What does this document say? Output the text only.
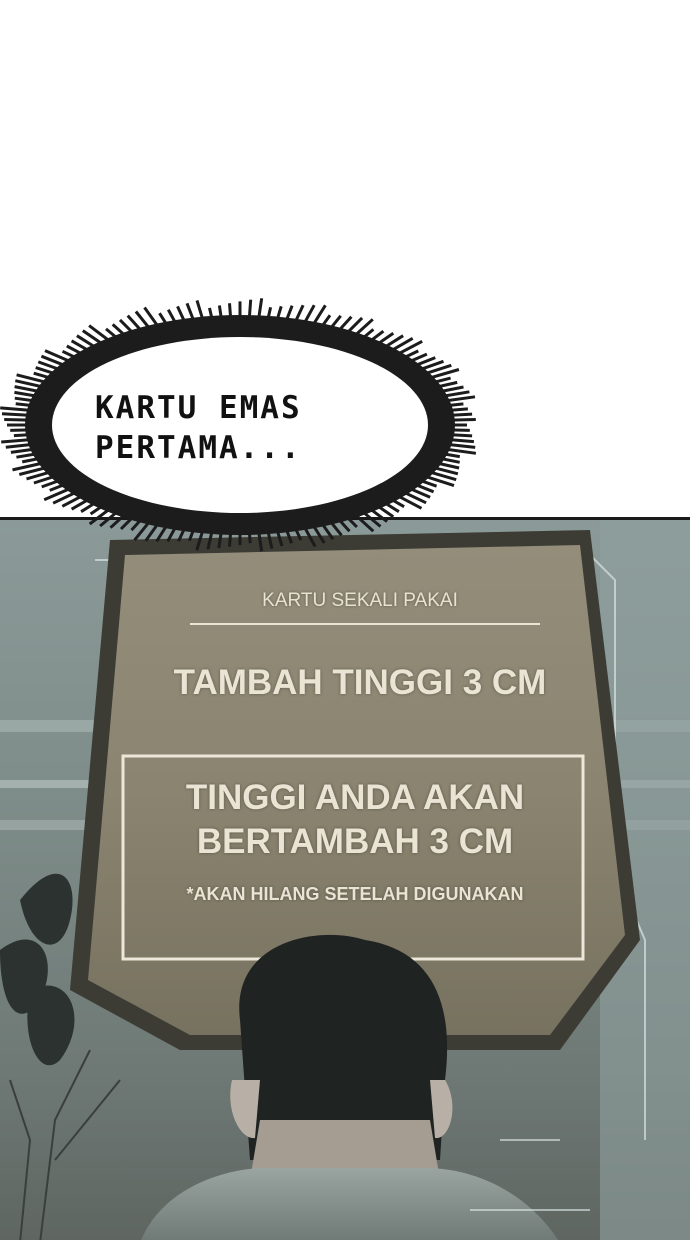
KARTU EMAS
PERTAMA...
KARTU SEKALI PAKAI
TAMBAH TINGGI 3 CM
TINGGI ANDA AKAN
BERTAMBAH 3 CM
*AKAN HILANG SETELAH DIGUNAKAN
